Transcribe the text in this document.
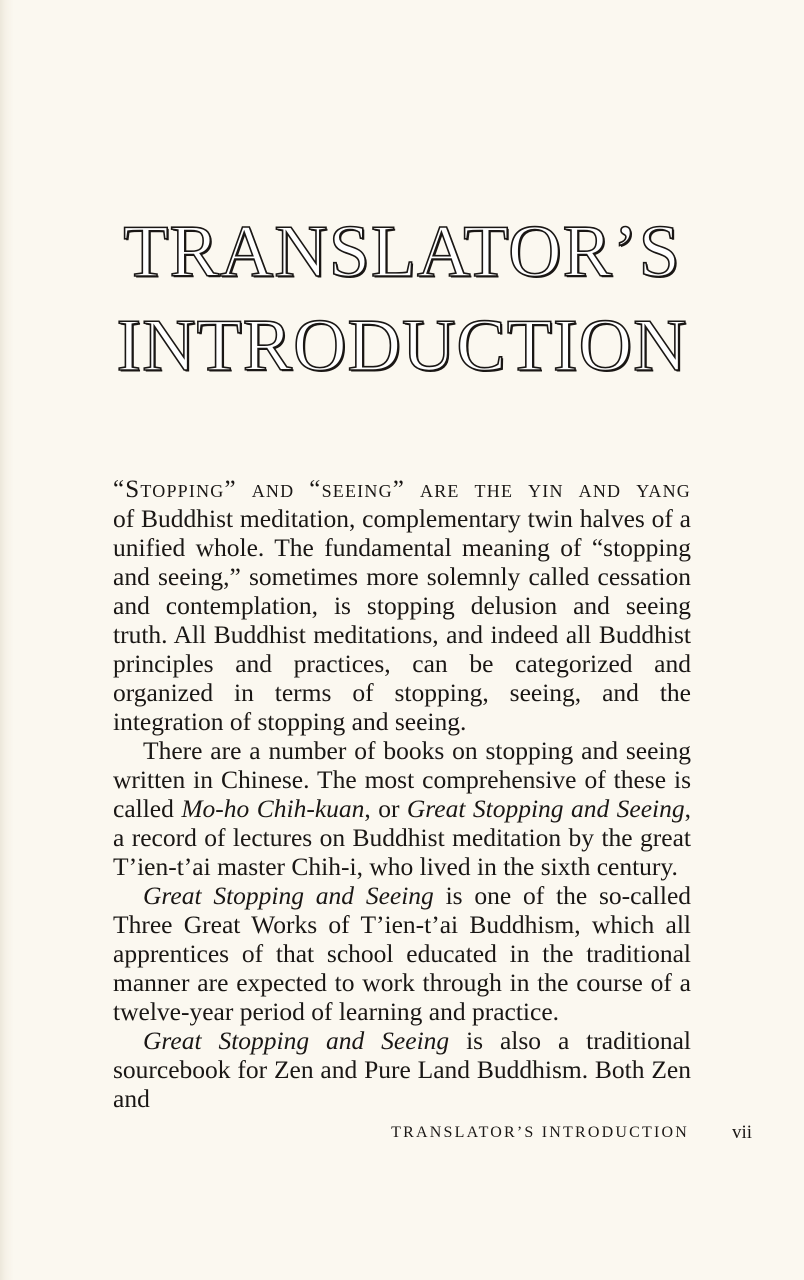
TRANSLATOR’S
INTRODUCTION

“Stopping” and “seeing” are the yin and yang
of Buddhist meditation, complementary twin halves of a unified whole. The fundamental meaning of “stopping and seeing,” sometimes more solemnly called cessation and contemplation, is stopping delusion and seeing truth. All Buddhist meditations, and indeed all Buddhist principles and practices, can be categorized and organized in terms of stopping, seeing, and the integration of stopping and seeing.

There are a number of books on stopping and seeing written in Chinese. The most comprehensive of these is called Mo-ho Chih-kuan, or Great Stopping and Seeing, a record of lectures on Buddhist meditation by the great T’ien-t’ai master Chih-i, who lived in the sixth century.

Great Stopping and Seeing is one of the so-called Three Great Works of T’ien-t’ai Buddhism, which all apprentices of that school educated in the traditional manner are expected to work through in the course of a twelve-year period of learning and practice.

Great Stopping and Seeing is also a traditional sourcebook for Zen and Pure Land Buddhism. Both Zen and

TRANSLATOR’S INTRODUCTION vii
